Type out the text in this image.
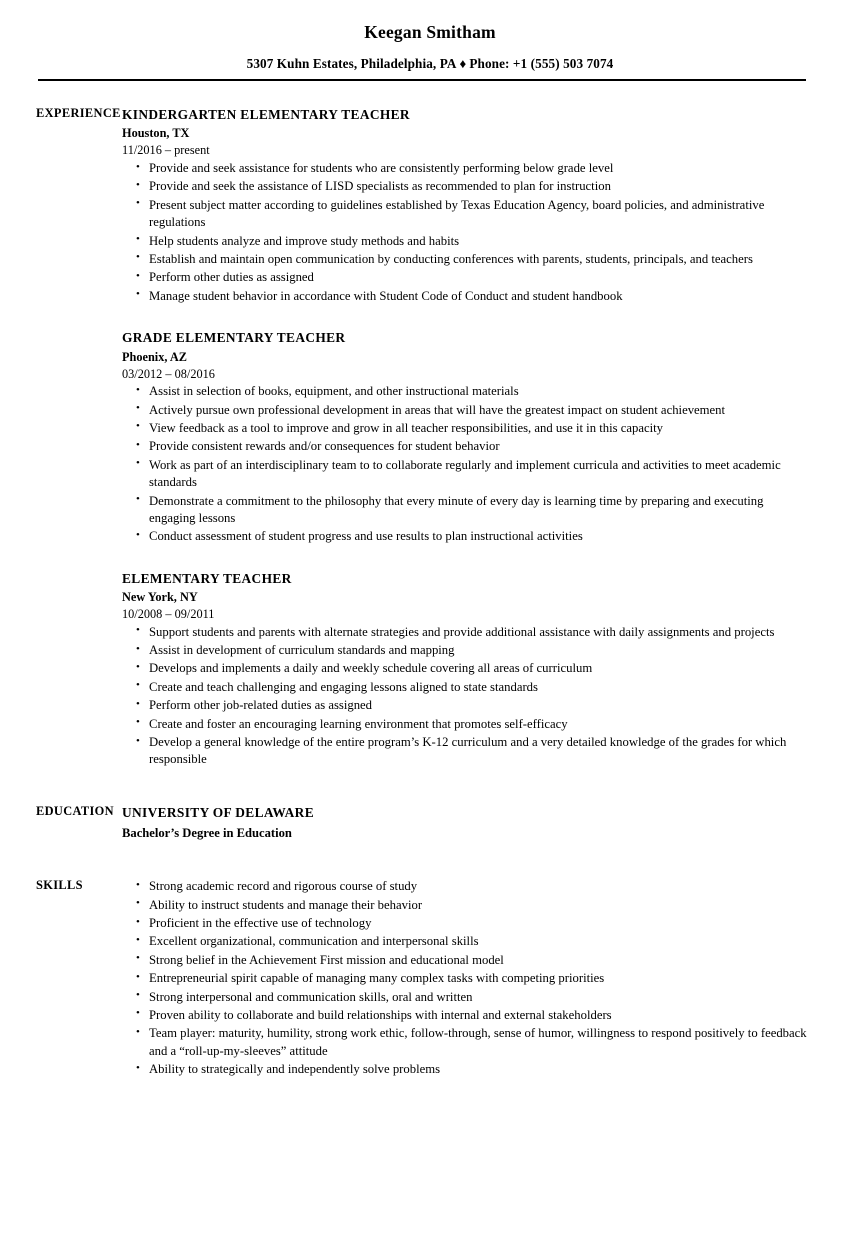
Keegan Smitham
5307 Kuhn Estates, Philadelphia, PA ♦ Phone: +1 (555) 503 7074
EXPERIENCE KINDERGARTEN ELEMENTARY TEACHER
Houston, TX
11/2016 – present
• Provide and seek assistance for students who are consistently performing below grade level
• Provide and seek the assistance of LISD specialists as recommended to plan for instruction
• Present subject matter according to guidelines established by Texas Education Agency, board policies, and administrative regulations
• Help students analyze and improve study methods and habits
• Establish and maintain open communication by conducting conferences with parents, students, principals, and teachers
• Perform other duties as assigned
• Manage student behavior in accordance with Student Code of Conduct and student handbook
GRADE ELEMENTARY TEACHER
Phoenix, AZ
03/2012 – 08/2016
• Assist in selection of books, equipment, and other instructional materials
• Actively pursue own professional development in areas that will have the greatest impact on student achievement
• View feedback as a tool to improve and grow in all teacher responsibilities, and use it in this capacity
• Provide consistent rewards and/or consequences for student behavior
• Work as part of an interdisciplinary team to to collaborate regularly and implement curricula and activities to meet academic standards
• Demonstrate a commitment to the philosophy that every minute of every day is learning time by preparing and executing engaging lessons
• Conduct assessment of student progress and use results to plan instructional activities
ELEMENTARY TEACHER
New York, NY
10/2008 – 09/2011
• Support students and parents with alternate strategies and provide additional assistance with daily assignments and projects
• Assist in development of curriculum standards and mapping
• Develops and implements a daily and weekly schedule covering all areas of curriculum
• Create and teach challenging and engaging lessons aligned to state standards
• Perform other job-related duties as assigned
• Create and foster an encouraging learning environment that promotes self-efficacy
• Develop a general knowledge of the entire program’s K-12 curriculum and a very detailed knowledge of the grades for which responsible
EDUCATION UNIVERSITY OF DELAWARE
Bachelor’s Degree in Education
SKILLS	• Strong academic record and rigorous course of study
• Ability to instruct students and manage their behavior
• Proficient in the effective use of technology
• Excellent organizational, communication and interpersonal skills
• Strong belief in the Achievement First mission and educational model
• Entrepreneurial spirit capable of managing many complex tasks with competing priorities
• Strong interpersonal and communication skills, oral and written
• Proven ability to collaborate and build relationships with internal and external stakeholders
• Team player: maturity, humility, strong work ethic, follow-through, sense of humor, willingness to respond positively to feedback and a “roll-up-my-sleeves” attitude
• Ability to strategically and independently solve problems
